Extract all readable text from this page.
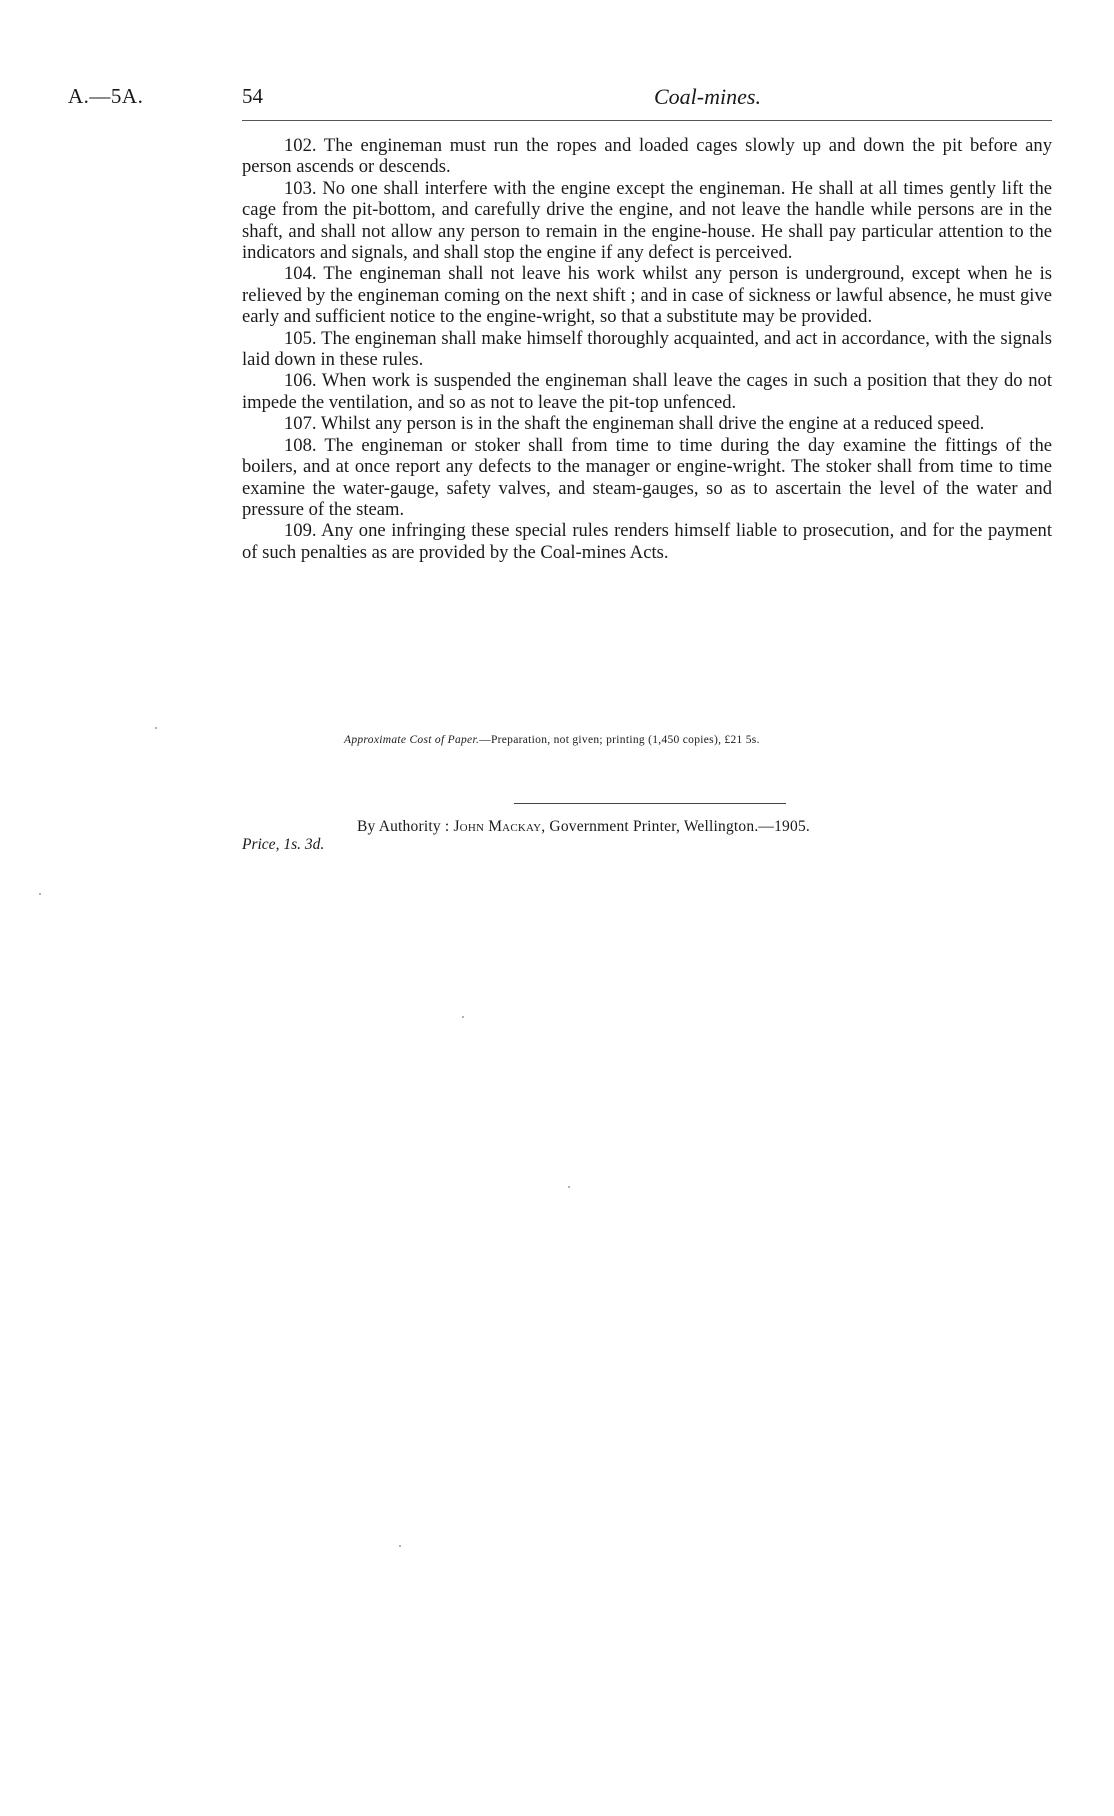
A.—5A.	54	Coal-mines.

102. The engineman must run the ropes and loaded cages slowly up and down the pit before any person ascends or descends.

103. No one shall interfere with the engine except the engineman. He shall at all times gently lift the cage from the pit-bottom, and carefully drive the engine, and not leave the handle while persons are in the shaft, and shall not allow any person to remain in the engine-house. He shall pay particular attention to the indicators and signals, and shall stop the engine if any defect is perceived.

104. The engineman shall not leave his work whilst any person is underground, except when he is relieved by the engineman coming on the next shift ; and in case of sickness or lawful absence, he must give early and sufficient notice to the engine-wright, so that a substitute may be provided.

105. The engineman shall make himself thoroughly acquainted, and act in accordance, with the signals laid down in these rules.

106. When work is suspended the engineman shall leave the cages in such a position that they do not impede the ventilation, and so as not to leave the pit-top unfenced.

107. Whilst any person is in the shaft the engineman shall drive the engine at a reduced speed.

108. The engineman or stoker shall from time to time during the day examine the fittings of the boilers, and at once report any defects to the manager or engine-wright. The stoker shall from time to time examine the water-gauge, safety valves, and steam-gauges, so as to ascertain the level of the water and pressure of the steam.

109. Any one infringing these special rules renders himself liable to prosecution, and for the payment of such penalties as are provided by the Coal-mines Acts.

Approximate Cost of Paper.—Preparation, not given; printing (1,450 copies), £21 5s.
By Authority : John Mackay, Government Printer, Wellington.—1905.
Price, 1s. 3d.
